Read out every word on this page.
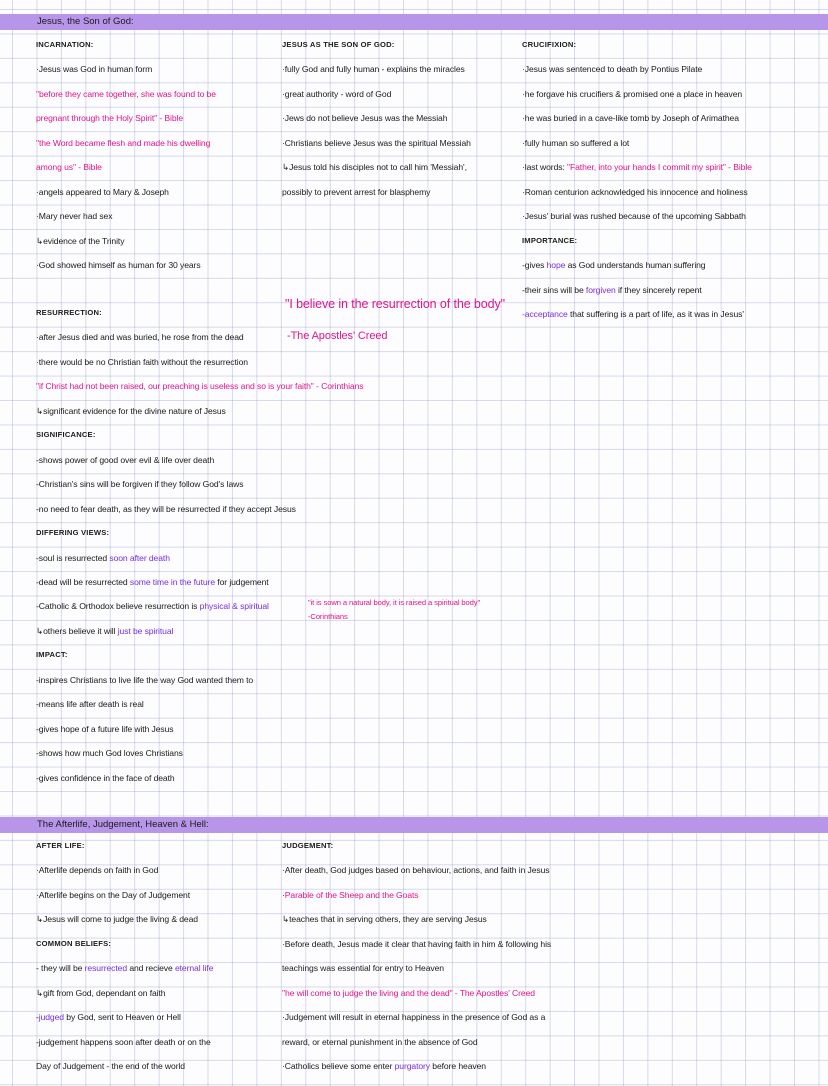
Jesus, the Son of God:
The Afterlife, Judgement, Heaven & Hell:
"I believe in the resurrection of the body"
-The Apostles' Creed
"it is sown a natural body, it is raised a spiritual body"
-Corinthians
INCARNATION:
·Jesus was God in human form
"before they came together, she was found to be
pregnant through the Holy Spirit" - Bible
"the Word became flesh and made his dwelling
among us" - Bible
·angels appeared to Mary & Joseph
·Mary never had sex
↳evidence of the Trinity
·God showed himself as human for 30 years
JESUS AS THE SON OF GOD:
·fully God and fully human - explains the miracles
·great authority - word of God
·Jews do not believe Jesus was the Messiah
·Christians believe Jesus was the spiritual Messiah
↳Jesus told his disciples not to call him 'Messiah',
possibly to prevent arrest for blasphemy
CRUCIFIXION:
·Jesus was sentenced to death by Pontius Pilate
·he forgave his crucifiers & promised one a place in heaven
·he was buried in a cave-like tomb by Joseph of Arimathea
·fully human so suffered a lot
·last words: "Father, into your hands I commit my spirit" - Bible
·Roman centurion acknowledged his innocence and holiness
·Jesus' burial was rushed because of the upcoming Sabbath
IMPORTANCE:
-gives hope as God understands human suffering
-their sins will be forgiven if they sincerely repent
-acceptance that suffering is a part of life, as it was in Jesus'
RESURRECTION:
·after Jesus died and was buried, he rose from the dead
·there would be no Christian faith without the resurrection
"if Christ had not been raised, our preaching is useless and so is your faith" - Corinthians
↳significant evidence for the divine nature of Jesus
SIGNIFICANCE:
-shows power of good over evil & life over death
-Christian's sins will be forgiven if they follow God's laws
-no need to fear death, as they will be resurrected if they accept Jesus
DIFFERING VIEWS:
-soul is resurrected soon after death
-dead will be resurrected some time in the future for judgement
-Catholic & Orthodox believe resurrection is physical & spiritual
↳others believe it will just be spiritual
IMPACT:
-inspires Christians to live life the way God wanted them to
-means life after death is real
-gives hope of a future life with Jesus
-shows how much God loves Christians
-gives confidence in the face of death
AFTER LIFE:
·Afterlife depends on faith in God
·Afterlife begins on the Day of Judgement
↳Jesus will come to judge the living & dead
COMMON BELIEFS:
- they will be resurrected and recieve eternal life
↳gift from God, dependant on faith
-judged by God, sent to Heaven or Hell
-judgement happens soon after death or on the
Day of Judgement - the end of the world
JUDGEMENT:
·After death, God judges based on behaviour, actions, and faith in Jesus
·Parable of the Sheep and the Goats
↳teaches that in serving others, they are serving Jesus
·Before death, Jesus made it clear that having faith in him & following his
teachings was essential for entry to Heaven
"he will come to judge the living and the dead" - The Apostles' Creed
·Judgement will result in eternal happiness in the presence of God as a
reward, or eternal punishment in the absence of God
·Catholics believe some enter purgatory before heaven
